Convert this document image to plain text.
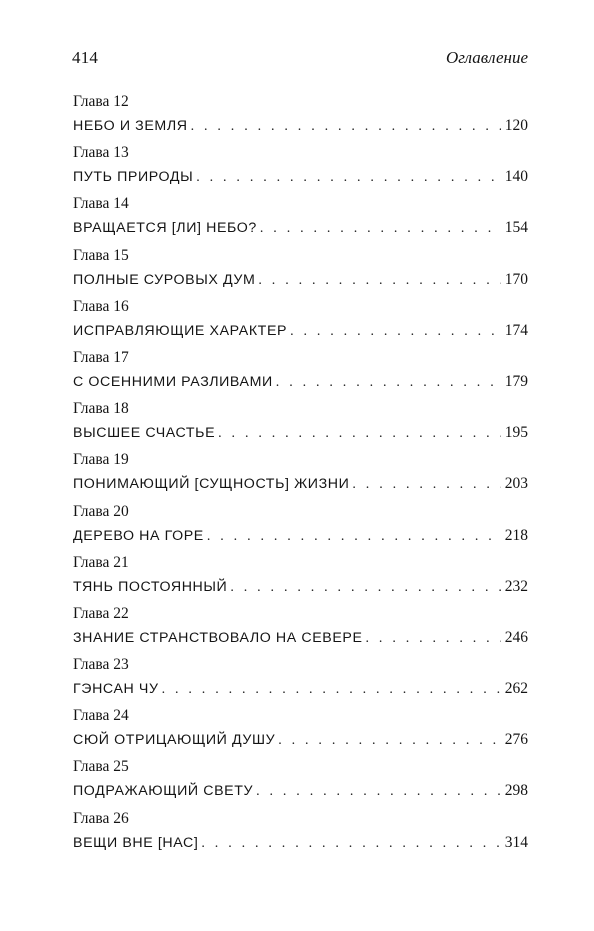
414	Оглавление
Глава 12
НЕБО И ЗЕМЛЯ . . .	120
Глава 13
ПУТЬ ПРИРОДЫ . . .	140
Глава 14
ВРАЩАЕТСЯ [ЛИ] НЕБО? . . .	154
Глава 15
ПОЛНЫЕ СУРОВЫХ ДУМ . . .	170
Глава 16
ИСПРАВЛЯЮЩИЕ ХАРАКТЕР . . .	174
Глава 17
С ОСЕННИМИ РАЗЛИВАМИ . . .	179
Глава 18
ВЫСШЕЕ СЧАСТЬЕ . . .	195
Глава 19
ПОНИМАЮЩИЙ [СУЩНОСТЬ] ЖИЗНИ . . .	203
Глава 20
ДЕРЕВО НА ГОРЕ . . .	218
Глава 21
ТЯНЬ ПОСТОЯННЫЙ . . .	232
Глава 22
ЗНАНИЕ СТРАНСТВОВАЛО НА СЕВЕРЕ . . .	246
Глава 23
ГЭНСАН ЧУ . . .	262
Глава 24
СЮЙ ОТРИЦАЮЩИЙ ДУШУ . . .	276
Глава 25
ПОДРАЖАЮЩИЙ СВЕТУ . . .	298
Глава 26
ВЕЩИ ВНЕ [НАС] . . .	314
